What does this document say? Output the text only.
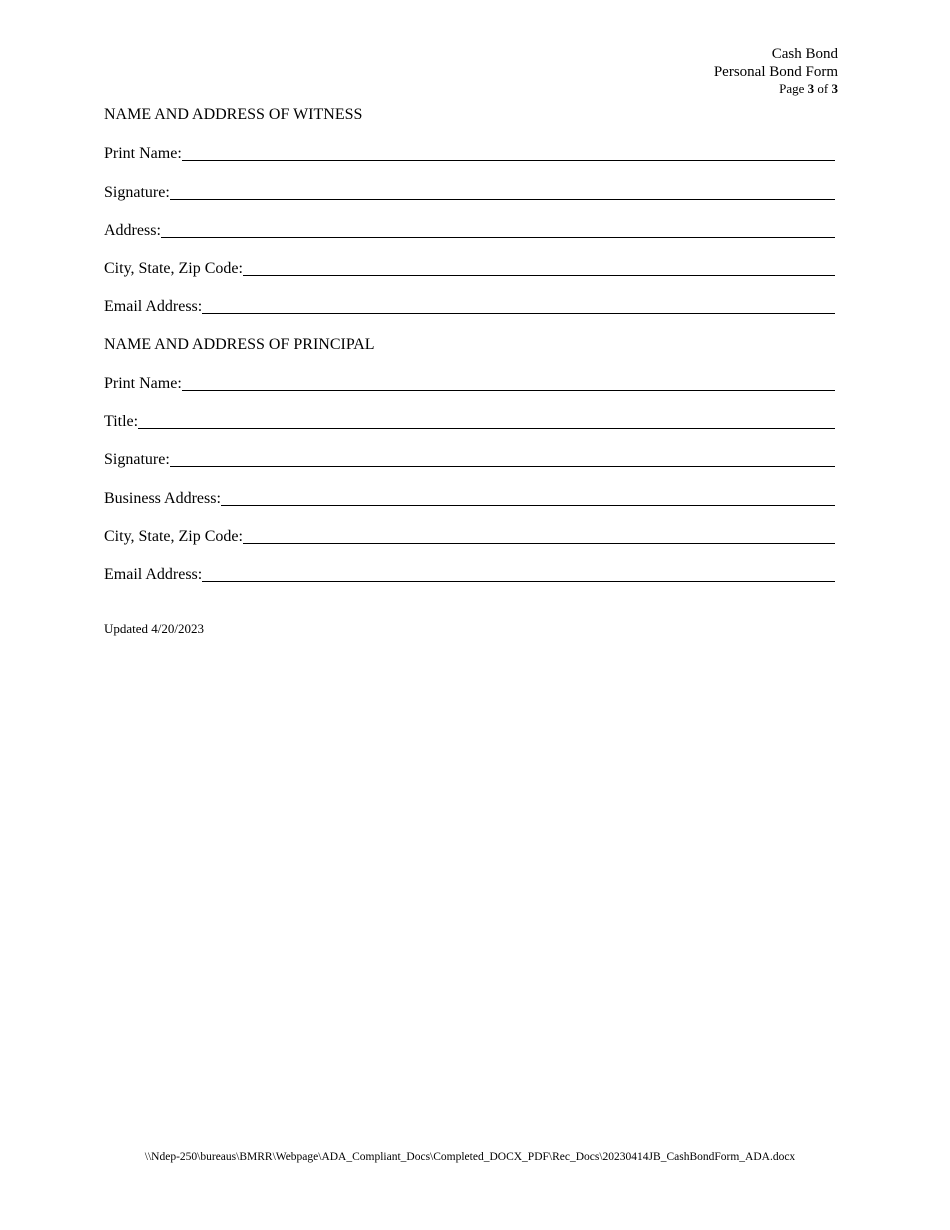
Cash Bond
Personal Bond Form
Page 3 of 3
NAME AND ADDRESS OF WITNESS
Print Name:
Signature:
Address:
City, State, Zip Code:
Email Address:
NAME AND ADDRESS OF PRINCIPAL
Print Name:
Title:
Signature:
Business Address:
City, State, Zip Code:
Email Address:
Updated 4/20/2023
\\Ndep-250\bureaus\BMRR\Webpage\ADA_Compliant_Docs\Completed_DOCX_PDF\Rec_Docs\20230414JB_CashBondForm_ADA.docx
